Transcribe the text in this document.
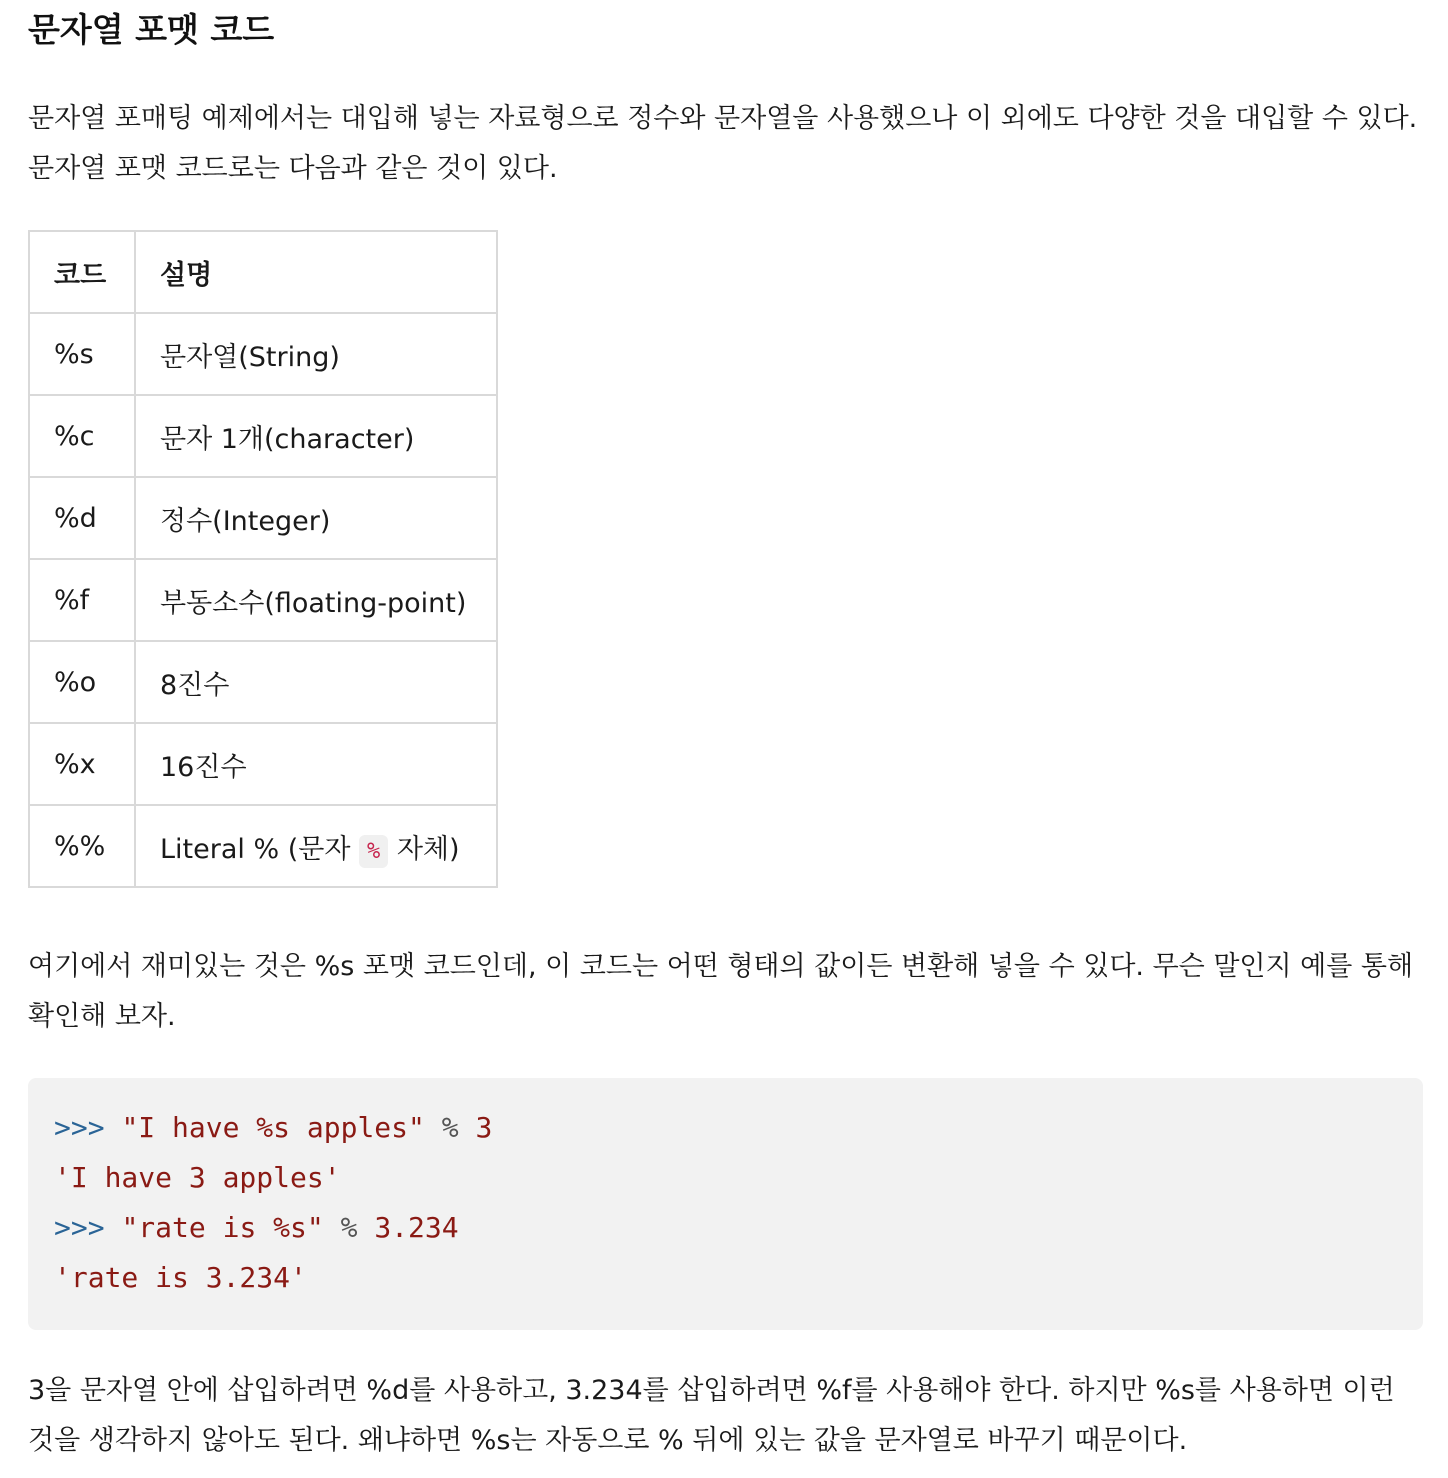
문자열 포맷 코드

문자열 포매팅 예제에서는 대입해 넣는 자료형으로 정수와 문자열을 사용했으나 이 외에도 다양한 것을 대입할 수 있다.
문자열 포맷 코드로는 다음과 같은 것이 있다.

코드	설명
%s	문자열(String)
%c	문자 1개(character)
%d	정수(Integer)
%f	부동소수(floating-point)
%o	8진수
%x	16진수
%%	Literal % (문자 % 자체)

여기에서 재미있는 것은 %s 포맷 코드인데, 이 코드는 어떤 형태의 값이든 변환해 넣을 수 있다. 무슨 말인지 예를 통해
확인해 보자.

>>> "I have %s apples" % 3
'I have 3 apples'
>>> "rate is %s" % 3.234
'rate is 3.234'

3을 문자열 안에 삽입하려면 %d를 사용하고, 3.234를 삽입하려면 %f를 사용해야 한다. 하지만 %s를 사용하면 이런
것을 생각하지 않아도 된다. 왜냐하면 %s는 자동으로 % 뒤에 있는 값을 문자열로 바꾸기 때문이다.
